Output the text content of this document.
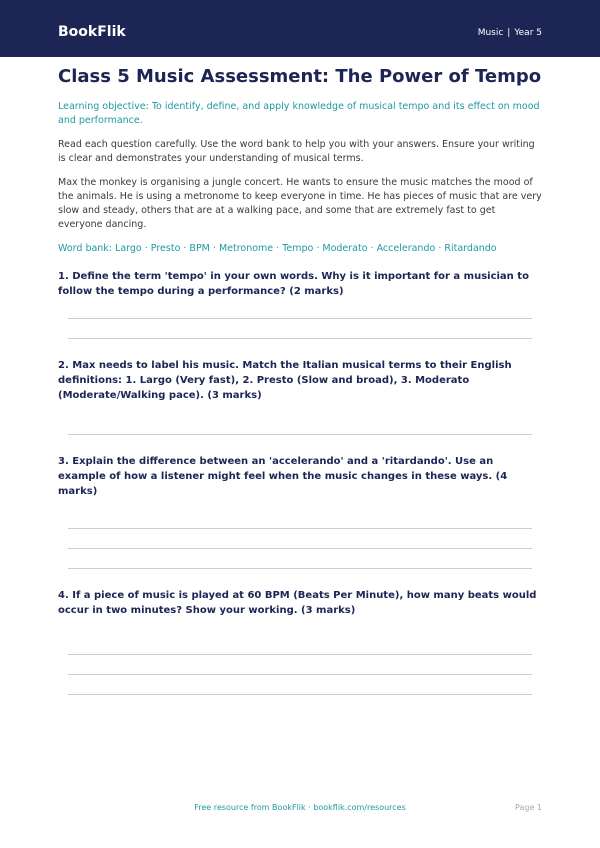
BookFlik	Music | Year 5
Class 5 Music Assessment: The Power of Tempo

Learning objective: To identify, define, and apply knowledge of musical tempo and its effect on mood and performance.

Read each question carefully. Use the word bank to help you with your answers. Ensure your writing is clear and demonstrates your understanding of musical terms.

Max the monkey is organising a jungle concert. He wants to ensure the music matches the mood of the animals. He is using a metronome to keep everyone in time. He has pieces of music that are very slow and steady, others that are at a walking pace, and some that are extremely fast to get everyone dancing.

Word bank: Largo · Presto · BPM · Metronome · Tempo · Moderato · Accelerando · Ritardando

1. Define the term 'tempo' in your own words. Why is it important for a musician to follow the tempo during a performance? (2 marks)

2. Max needs to label his music. Match the Italian musical terms to their English definitions: 1. Largo (Very fast), 2. Presto (Slow and broad), 3. Moderato (Moderate/Walking pace). (3 marks)

3. Explain the difference between an 'accelerando' and a 'ritardando'. Use an example of how a listener might feel when the music changes in these ways. (4 marks)

4. If a piece of music is played at 60 BPM (Beats Per Minute), how many beats would occur in two minutes? Show your working. (3 marks)

Free resource from BookFlik · bookflik.com/resources	Page 1
